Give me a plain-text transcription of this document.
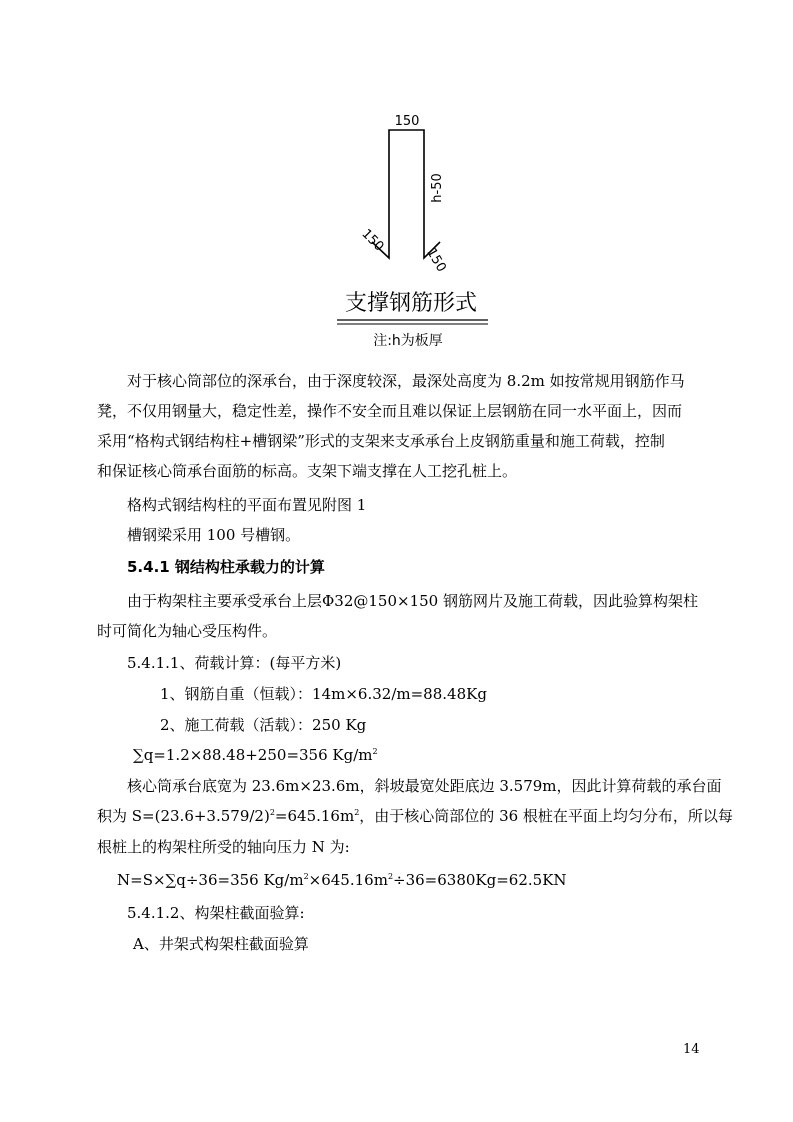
150
h-50
150
150
支撑钢筋形式
注:h为板厚
对于核心筒部位的深承台，由于深度较深，最深处高度为 8.2m 如按常规用钢筋作马
凳，不仅用钢量大，稳定性差，操作不安全而且难以保证上层钢筋在同一水平面上，因而
采用“格构式钢结构柱+槽钢梁”形式的支架来支承承台上皮钢筋重量和施工荷载，控制
和保证核心筒承台面筋的标高。支架下端支撑在人工挖孔桩上。
格构式钢结构柱的平面布置见附图 1
槽钢梁采用 100 号槽钢。
5.4.1 钢结构柱承载力的计算
由于构架柱主要承受承台上层Φ32@150×150 钢筋网片及施工荷载，因此验算构架柱
时可简化为轴心受压构件。
5.4.1.1、荷载计算：(每平方米)
1、钢筋自重（恒载）：14m×6.32/m=88.48Kg
2、施工荷载（活载）：250 Kg
∑q=1.2×88.48+250=356 $Kg/m^2$
核心筒承台底宽为 23.6m×23.6m，斜坡最宽处距底边 3.579m，因此计算荷载的承台面
积为 $S=(23.6+3.579/2)^2=645.16m^2$，由于核心筒部位的 36 根桩在平面上均匀分布，所以每
根桩上的构架柱所受的轴向压力 N 为:
N=S×∑q÷36=356 $Kg/m^2\times 645.16m^2\div 36=6380Kg=62.5KN$
5.4.1.2、构架柱截面验算:
A、井架式构架柱截面验算
14
